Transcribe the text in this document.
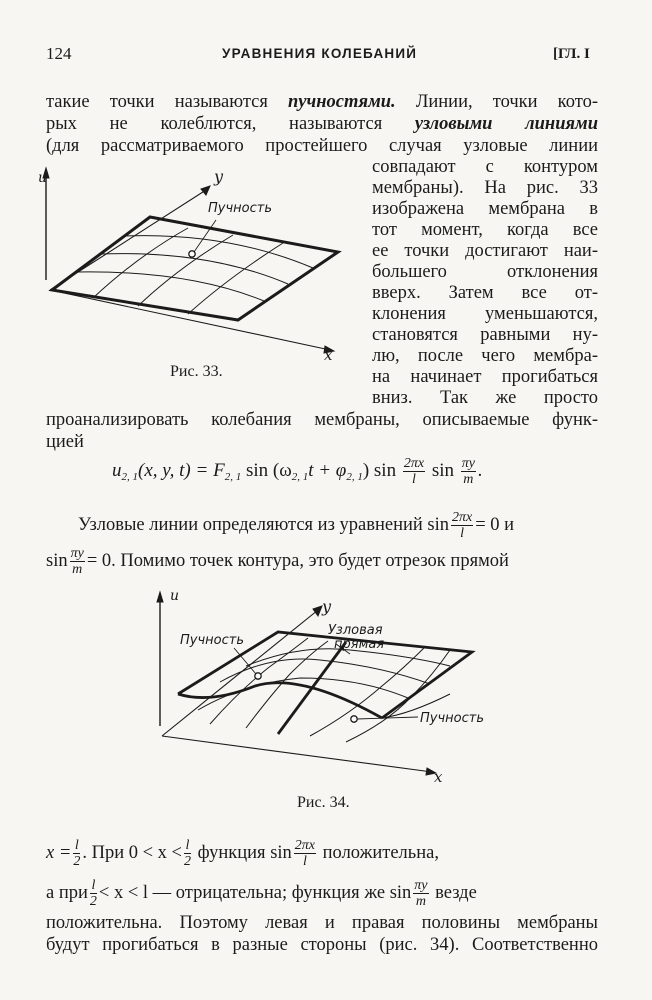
124	УРАВНЕНИЯ КОЛЕБАНИЙ	[ГЛ. I
такие точки называются пучностями. Линии, точки кото-
рых не колеблются, называются узловыми линиями
(для рассматриваемого простейшего случая узловые линии
совпадают с контуром
мембраны). На рис. 33
изображена мембрана в
тот момент, когда все
ее точки достигают наи-
большего отклонения
вверх. Затем все от-
клонения уменьшаются,
становятся равными ну-
лю, после чего мембра-
на начинает прогибаться
вниз. Так же просто
проанализировать колебания мембраны, описываемые функ-
цией
u	y
x
Пучность
Рис. 33.
$u_{2, 1}(x$, y, $t) = F_{2, 1}$ $\sin (\omega_{2, 1}t + \varphi_{2, 1})$ $\sin \frac{2\pi x}{l}$ $\sin \frac{\pi y}{m}$ .
Узловые линии определяются из уравнений $\sin \frac{2\pi x}{l} = 0$ и
$\sin \frac{\pi y}{m} = 0$. Помимо точек контура, это будет отрезок прямой
u
y
x
Пучность
Узловая
прямая
Пучность
Рис. 34.
$x = \frac{l}{2}$ . При $0 < x < \frac{l}{2}$ функция $\sin \frac{2\pi x}{l}$ положительна,
а при $\frac{l}{2} < x < l$ — отрицательна; функция же $\sin \frac{\pi y}{m}$ везде
положительна. Поэтому левая и правая половины мембраны
будут прогибаться в разные стороны (рис. 34). Соответственно
